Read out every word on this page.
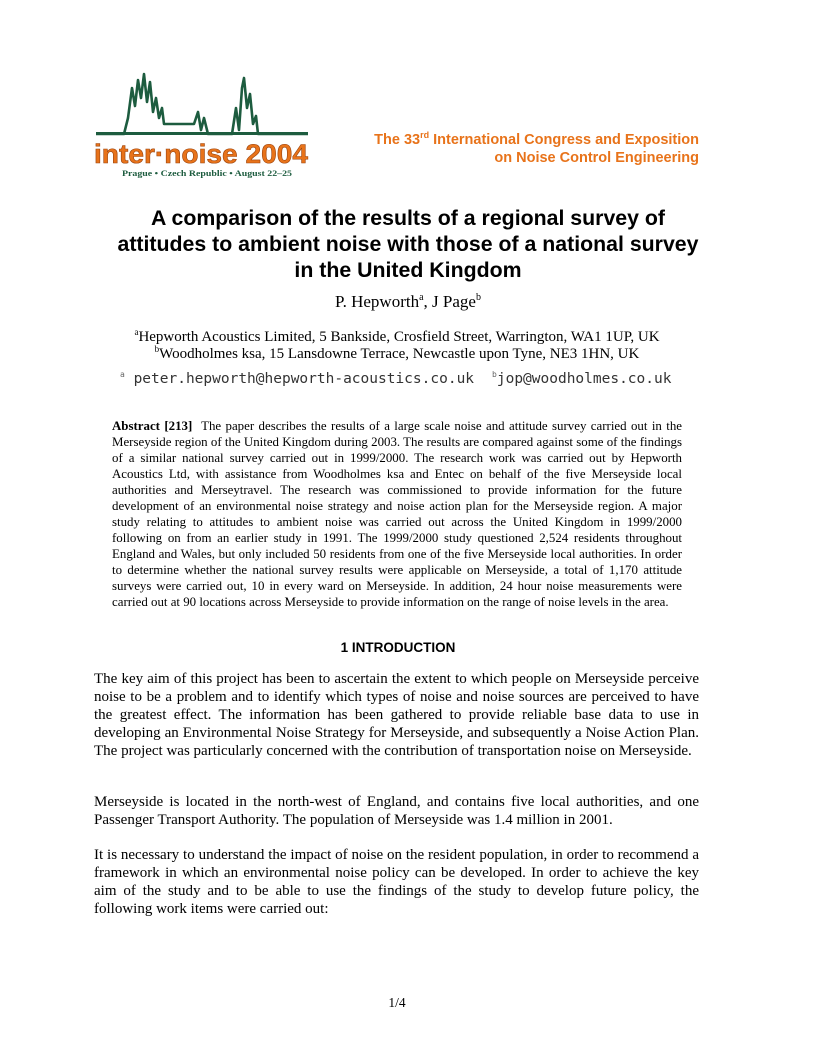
inter·noise 2004
Prague • Czech Republic • August 22–25
The 33rd International Congress and Exposition
on Noise Control Engineering
A comparison of the results of a regional survey of
attitudes to ambient noise with those of a national survey
in the United Kingdom
P. Hepworth$^a$, J Page$^b$
$^a$Hepworth Acoustics Limited, 5 Bankside, Crosfield Street, Warrington, WA1 1UP, UK
$^b$Woodholmes ksa, 15 Lansdowne Terrace, Newcastle upon Tyne, NE3 1HN, UK
$^a$ peter.hepworth@hepworth-acoustics.co.uk $^b$jop@woodholmes.co.uk

Abstract [213] The paper describes the results of a large scale noise and attitude survey carried out in the Merseyside region of the United Kingdom during 2003. The results are compared against some of the findings of a similar national survey carried out in 1999/2000. The research work was carried out by Hepworth Acoustics Ltd, with assistance from Woodholmes ksa and Entec on behalf of the five Merseyside local authorities and Merseytravel. The research was commissioned to provide information for the future development of an environmental noise strategy and noise action plan for the Merseyside region. A major study relating to attitudes to ambient noise was carried out across the United Kingdom in 1999/2000 following on from an earlier study in 1991. The 1999/2000 study questioned 2,524 residents throughout England and Wales, but only included 50 residents from one of the five Merseyside local authorities. In order to determine whether the national survey results were applicable on Merseyside, a total of 1,170 attitude surveys were carried out, 10 in every ward on Merseyside. In addition, 24 hour noise measurements were carried out at 90 locations across Merseyside to provide information on the range of noise levels in the area.

1 INTRODUCTION

The key aim of this project has been to ascertain the extent to which people on Merseyside perceive noise to be a problem and to identify which types of noise and noise sources are perceived to have the greatest effect. The information has been gathered to provide reliable base data to use in developing an Environmental Noise Strategy for Merseyside, and subsequently a Noise Action Plan. The project was particularly concerned with the contribution of transportation noise on Merseyside.

Merseyside is located in the north-west of England, and contains five local authorities, and one Passenger Transport Authority. The population of Merseyside was 1.4 million in 2001.

It is necessary to understand the impact of noise on the resident population, in order to recommend a framework in which an environmental noise policy can be developed. In order to achieve the key aim of the study and to be able to use the findings of the study to develop future policy, the following work items were carried out:

1/4
